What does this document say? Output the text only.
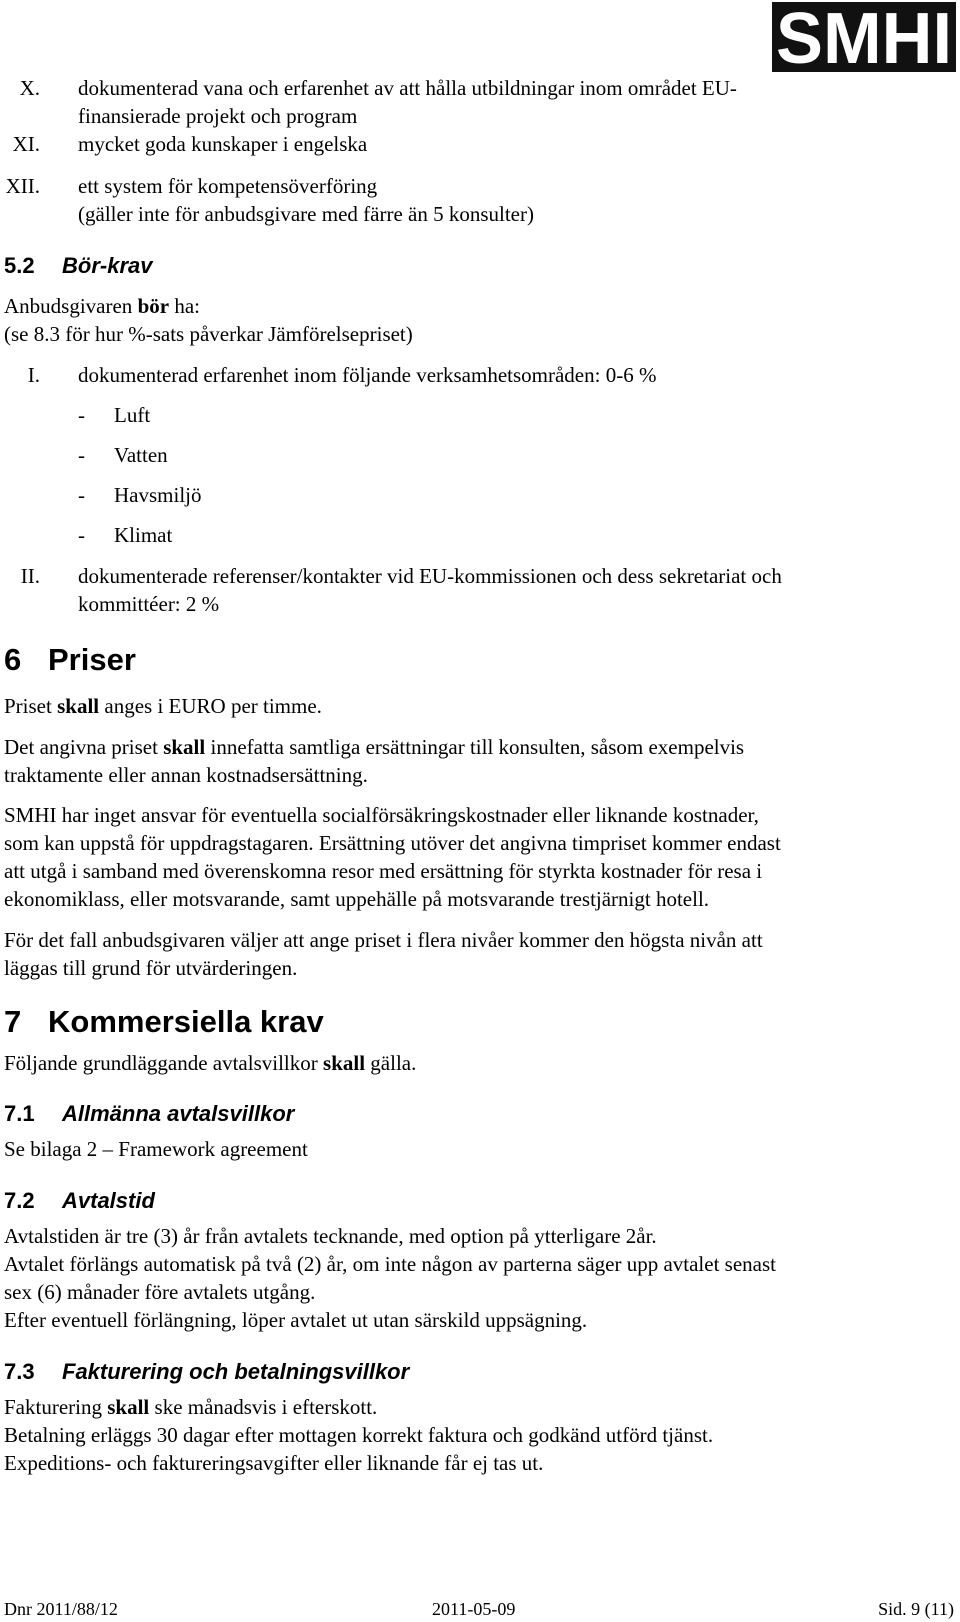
SMHI
X. dokumenterad vana och erfarenhet av att hålla utbildningar inom området EU-
finansierade projekt och program
XI. mycket goda kunskaper i engelska
XII. ett system för kompetensöverföring
(gäller inte för anbudsgivare med färre än 5 konsulter)
5.2 Bör-krav
Anbudsgivaren bör ha:
(se 8.3 för hur %-sats påverkar Jämförelsepriset)
I. dokumenterad erfarenhet inom följande verksamhetsområden: 0-6 %
- Luft
- Vatten
- Havsmiljö
- Klimat
II. dokumenterade referenser/kontakter vid EU-kommissionen och dess sekretariat och
kommittéer: 2 %
6 Priser
Priset skall anges i EURO per timme.
Det angivna priset skall innefatta samtliga ersättningar till konsulten, såsom exempelvis
traktamente eller annan kostnadsersättning.
SMHI har inget ansvar för eventuella socialförsäkringskostnader eller liknande kostnader,
som kan uppstå för uppdragstagaren. Ersättning utöver det angivna timpriset kommer endast
att utgå i samband med överenskomna resor med ersättning för styrkta kostnader för resa i
ekonomiklass, eller motsvarande, samt uppehälle på motsvarande trestjärnigt hotell.
För det fall anbudsgivaren väljer att ange priset i flera nivåer kommer den högsta nivån att
läggas till grund för utvärderingen.
7 Kommersiella krav
Följande grundläggande avtalsvillkor skall gälla.
7.1 Allmänna avtalsvillkor
Se bilaga 2 – Framework agreement
7.2 Avtalstid
Avtalstiden är tre (3) år från avtalets tecknande, med option på ytterligare 2år.
Avtalet förlängs automatisk på två (2) år, om inte någon av parterna säger upp avtalet senast
sex (6) månader före avtalets utgång.
Efter eventuell förlängning, löper avtalet ut utan särskild uppsägning.
7.3 Fakturering och betalningsvillkor
Fakturering skall ske månadsvis i efterskott.
Betalning erläggs 30 dagar efter mottagen korrekt faktura och godkänd utförd tjänst.
Expeditions- och faktureringsavgifter eller liknande får ej tas ut.
Dnr 2011/88/12	2011-05-09	Sid. 9 (11)
